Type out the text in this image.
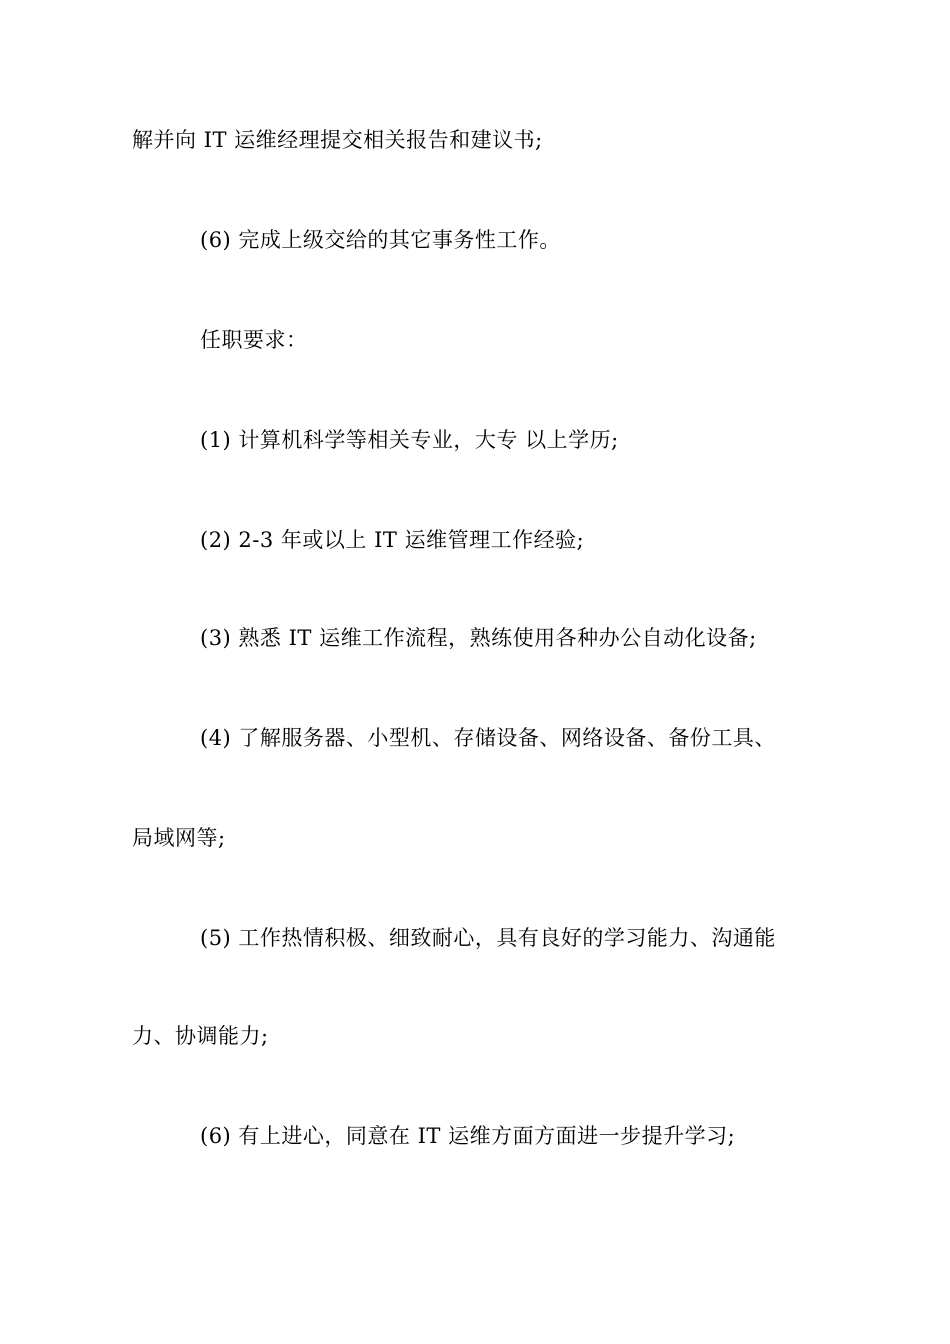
解并向 IT 运维经理提交相关报告和建议书;
(6) 完成上级交给的其它事务性工作。
任职要求：
(1) 计算机科学等相关专业，大专 以上学历;
(2) 2-3 年或以上 IT 运维管理工作经验;
(3) 熟悉 IT 运维工作流程，熟练使用各种办公自动化设备;
(4) 了解服务器、小型机、存储设备、网络设备、备份工具、
局域网等;
(5) 工作热情积极、细致耐心，具有良好的学习能力、沟通能
力、协调能力;
(6) 有上进心，同意在 IT 运维方面方面进一步提升学习;
